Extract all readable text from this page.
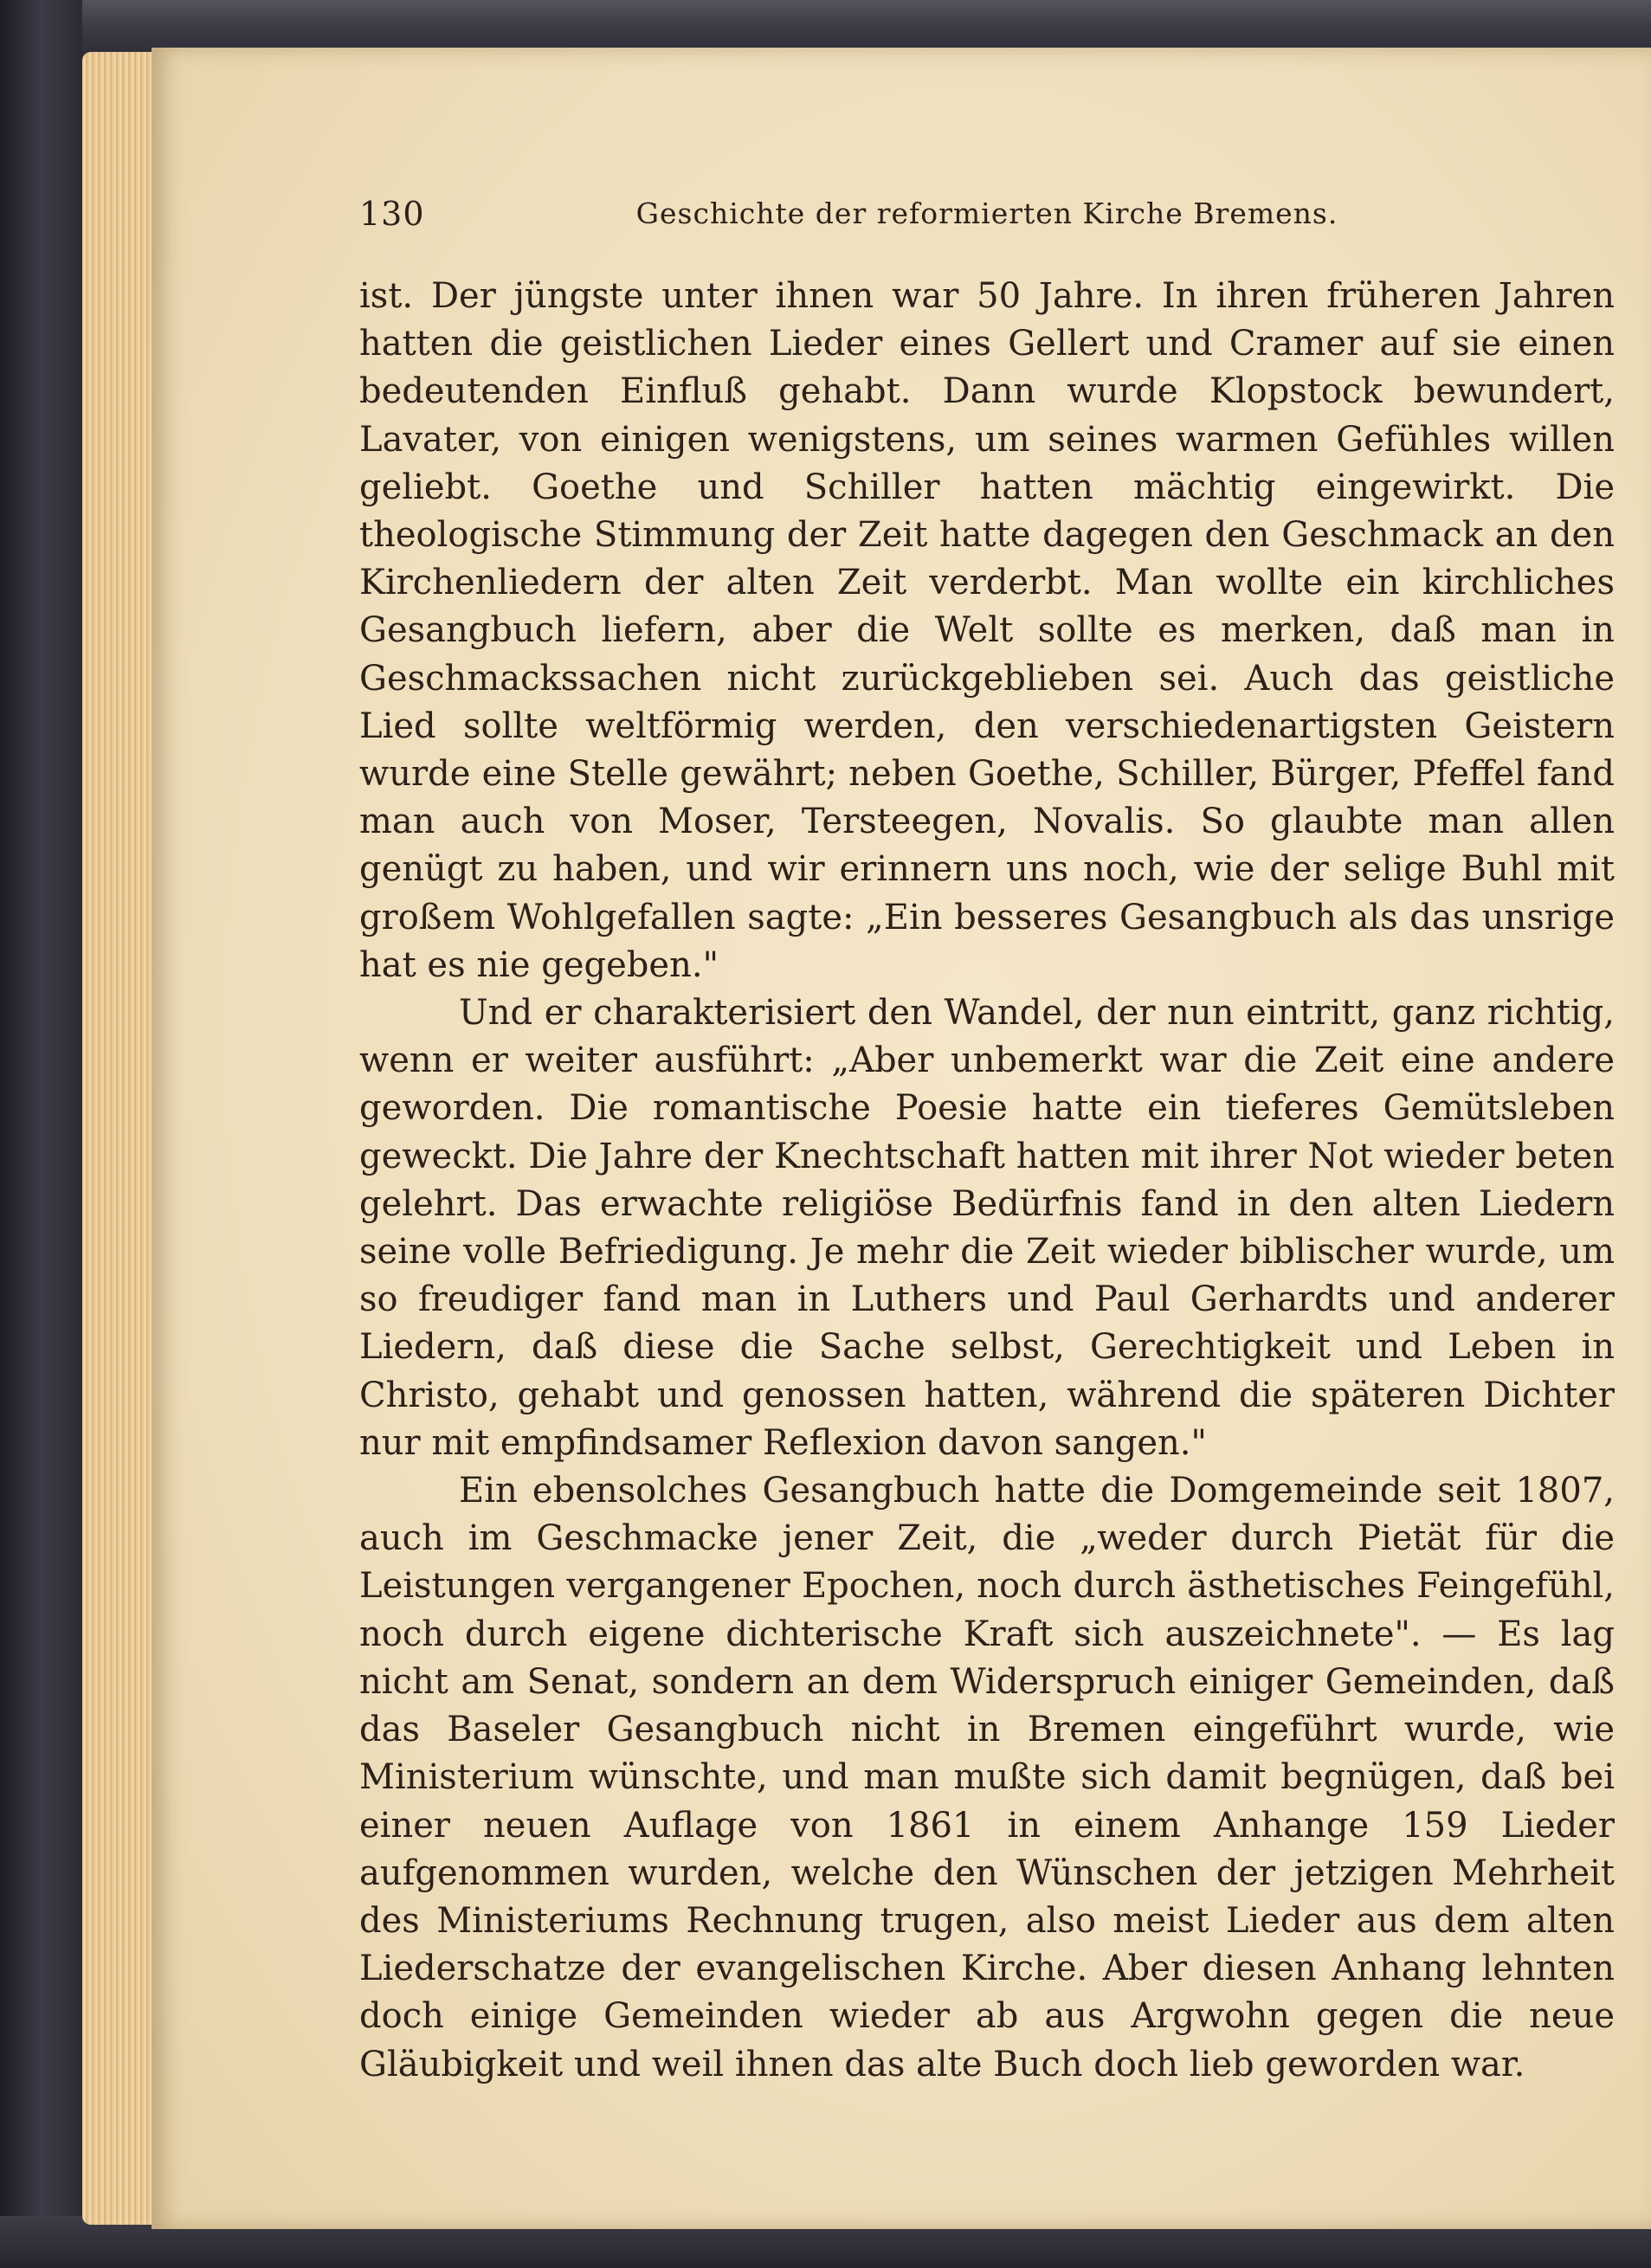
130	Geschichte der reformierten Kirche Bremens.

ist. Der jüngste unter ihnen war 50 Jahre. In ihren früheren Jahren hatten die geistlichen Lieder eines Gellert und Cramer auf sie einen bedeutenden Einfluß gehabt. Dann wurde Klopstock bewundert, Lavater, von einigen wenigstens, um seines warmen Gefühles willen geliebt. Goethe und Schiller hatten mächtig eingewirkt. Die theologische Stimmung der Zeit hatte dagegen den Geschmack an den Kirchenliedern der alten Zeit verderbt. Man wollte ein kirchliches Gesangbuch liefern, aber die Welt sollte es merken, daß man in Geschmackssachen nicht zurückgeblieben sei. Auch das geistliche Lied sollte weltförmig werden, den verschiedenartigsten Geistern wurde eine Stelle gewährt; neben Goethe, Schiller, Bürger, Pfeffel fand man auch von Moser, Tersteegen, Novalis. So glaubte man allen genügt zu haben, und wir erinnern uns noch, wie der selige Buhl mit großem Wohlgefallen sagte: „Ein besseres Gesangbuch als das unsrige hat es nie gegeben."

Und er charakterisiert den Wandel, der nun eintritt, ganz richtig, wenn er weiter ausführt: „Aber unbemerkt war die Zeit eine andere geworden. Die romantische Poesie hatte ein tieferes Gemütsleben geweckt. Die Jahre der Knechtschaft hatten mit ihrer Not wieder beten gelehrt. Das erwachte religiöse Bedürfnis fand in den alten Liedern seine volle Befriedigung. Je mehr die Zeit wieder biblischer wurde, um so freudiger fand man in Luthers und Paul Gerhardts und anderer Liedern, daß diese die Sache selbst, Gerechtigkeit und Leben in Christo, gehabt und genossen hatten, während die späteren Dichter nur mit empfindsamer Reflexion davon sangen."

Ein ebensolches Gesangbuch hatte die Domgemeinde seit 1807, auch im Geschmacke jener Zeit, die „weder durch Pietät für die Leistungen vergangener Epochen, noch durch ästhetisches Feingefühl, noch durch eigene dichterische Kraft sich auszeichnete". — Es lag nicht am Senat, sondern an dem Widerspruch einiger Gemeinden, daß das Baseler Gesangbuch nicht in Bremen eingeführt wurde, wie Ministerium wünschte, und man mußte sich damit begnügen, daß bei einer neuen Auflage von 1861 in einem Anhange 159 Lieder aufgenommen wurden, welche den Wünschen der jetzigen Mehrheit des Ministeriums Rechnung trugen, also meist Lieder aus dem alten Liederschatze der evangelischen Kirche. Aber diesen Anhang lehnten doch einige Gemeinden wieder ab aus Argwohn gegen die neue Gläubigkeit und weil ihnen das alte Buch doch lieb geworden war.
